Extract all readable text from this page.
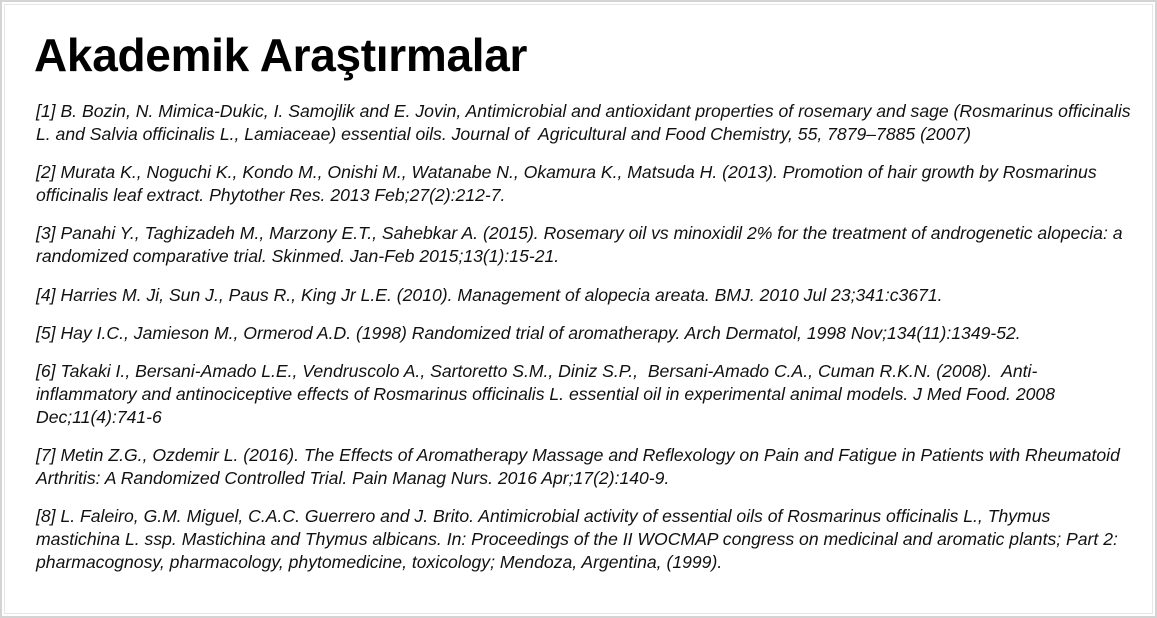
Akademik Araştırmalar
[1] B. Bozin, N. Mimica-Dukic, I. Samojlik and E. Jovin, Antimicrobial and antioxidant properties of rosemary and sage (Rosmarinus officinalis L. and Salvia officinalis L., Lamiaceae) essential oils. Journal of  Agricultural and Food Chemistry, 55, 7879–7885 (2007)
[2] Murata K., Noguchi K., Kondo M., Onishi M., Watanabe N., Okamura K., Matsuda H. (2013). Promotion of hair growth by Rosmarinus officinalis leaf extract. Phytother Res. 2013 Feb;27(2):212-7.
[3] Panahi Y., Taghizadeh M., Marzony E.T., Sahebkar A. (2015). Rosemary oil vs minoxidil 2% for the treatment of androgenetic alopecia: a randomized comparative trial. Skinmed. Jan-Feb 2015;13(1):15-21.
[4] Harries M. Ji, Sun J., Paus R., King Jr L.E. (2010). Management of alopecia areata. BMJ. 2010 Jul 23;341:c3671.
[5] Hay I.C., Jamieson M., Ormerod A.D. (1998) Randomized trial of aromatherapy. Arch Dermatol, 1998 Nov;134(11):1349-52.
[6] Takaki I., Bersani-Amado L.E., Vendruscolo A., Sartoretto S.M., Diniz S.P.,  Bersani-Amado C.A., Cuman R.K.N. (2008).  Anti-inflammatory and antinociceptive effects of Rosmarinus officinalis L. essential oil in experimental animal models. J Med Food. 2008 Dec;11(4):741-6
[7] Metin Z.G., Ozdemir L. (2016). The Effects of Aromatherapy Massage and Reflexology on Pain and Fatigue in Patients with Rheumatoid Arthritis: A Randomized Controlled Trial. Pain Manag Nurs. 2016 Apr;17(2):140-9.
[8] L. Faleiro, G.M. Miguel, C.A.C. Guerrero and J. Brito. Antimicrobial activity of essential oils of Rosmarinus officinalis L., Thymus mastichina L. ssp. Mastichina and Thymus albicans. In: Proceedings of the II WOCMAP congress on medicinal and aromatic plants; Part 2: pharmacognosy, pharmacology, phytomedicine, toxicology; Mendoza, Argentina, (1999).
